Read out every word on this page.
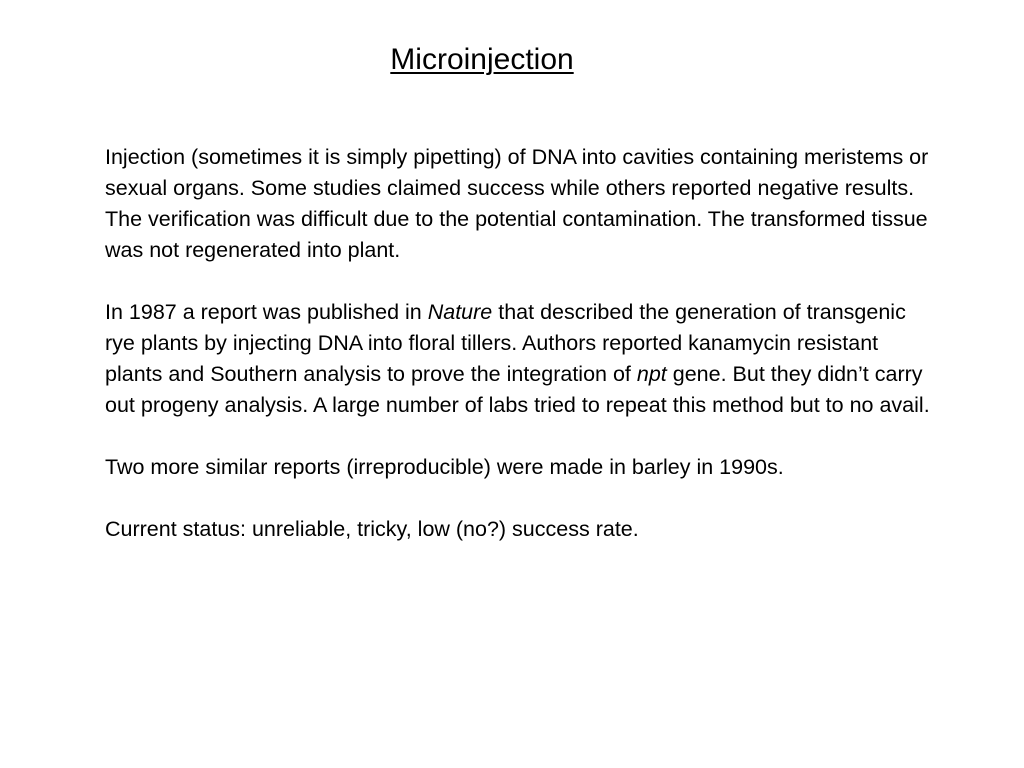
Microinjection

Injection (sometimes it is simply pipetting) of DNA into cavities containing meristems or sexual organs. Some studies claimed success while others reported negative results. The verification was difficult due to the potential contamination. The transformed tissue was not regenerated into plant.

In 1987 a report was published in Nature that described the generation of transgenic rye plants by injecting DNA into floral tillers. Authors reported kanamycin resistant plants and Southern analysis to prove the integration of npt gene. But they didn’t carry out progeny analysis. A large number of labs tried to repeat this method but to no avail.

Two more similar reports (irreproducible) were made in barley in 1990s.

Current status: unreliable, tricky, low (no?) success rate.
